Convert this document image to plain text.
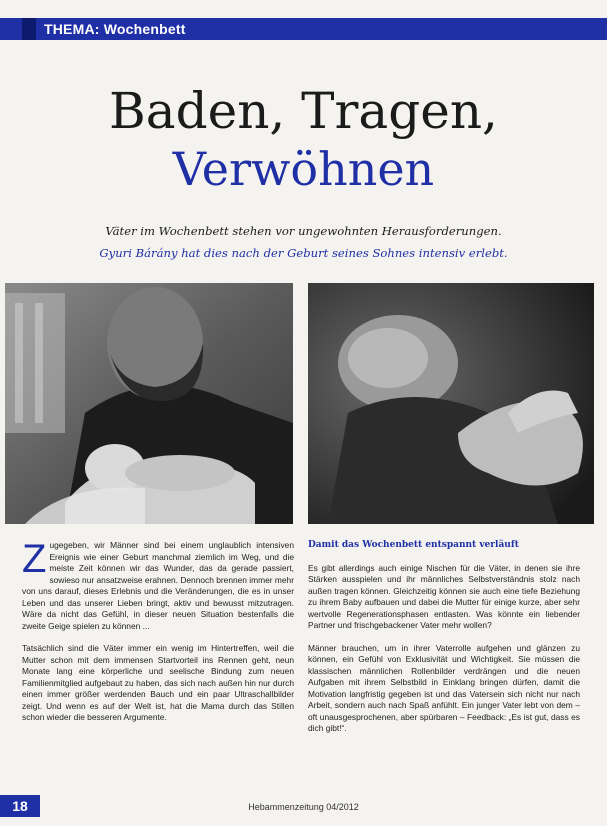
THEMA: Wochenbett
Baden, Tragen,
Verwöhnen
Väter im Wochenbett stehen vor ungewohnten Herausforderungen.
Gyuri Bárány hat dies nach der Geburt seines Sohnes intensiv erlebt.

Zugegeben, wir Männer sind bei einem unglaublich intensiven Ereignis wie einer Geburt manchmal ziemlich im Weg, und die meiste Zeit können wir das Wunder, das da gerade passiert, sowieso nur ansatzweise erahnen. Dennoch brennen immer mehr von uns darauf, dieses Erlebnis und die Veränderungen, die es in unser Leben und das unserer Lieben bringt, aktiv und bewusst mitzutragen. Wäre da nicht das Gefühl, in dieser neuen Situation bestenfalls die zweite Geige spielen zu können ...

Tatsächlich sind die Väter immer ein wenig im Hintertreffen, weil die Mutter schon mit dem immensen Startvorteil ins Rennen geht, neun Monate lang eine körperliche und seelische Bindung zum neuen Familienmitglied aufgebaut zu haben, das sich nach außen hin nur durch einen immer größer werdenden Bauch und ein paar Ultraschallbilder zeigt. Und wenn es auf der Welt ist, hat die Mama durch das Stillen schon wieder die besseren Argumente.

Damit das Wochenbett entspannt verläuft

Es gibt allerdings auch einige Nischen für die Väter, in denen sie ihre Stärken ausspielen und ihr männliches Selbstverständnis stolz nach außen tragen können. Gleichzeitig können sie auch eine tiefe Beziehung zu ihrem Baby aufbauen und dabei die Mutter für einige kurze, aber sehr wertvolle Regenerationsphasen entlasten. Was könnte ein liebender Partner und frischgebackener Vater mehr wollen?

Männer brauchen, um in ihrer Vaterrolle aufgehen und glänzen zu können, ein Gefühl von Exklusivität und Wichtigkeit. Sie müssen die klassischen männlichen Rollenbilder verdrängen und die neuen Aufgaben mit ihrem Selbstbild in Einklang bringen dürfen, damit die Motivation langfristig gegeben ist und das Vatersein sich nicht nur nach Arbeit, sondern auch nach Spaß anfühlt. Ein junger Vater lebt von dem – oft unausgesprochenen, aber spürbaren – Feedback: „Es ist gut, dass es dich gibt!“.

18	Hebammenzeitung 04/2012
